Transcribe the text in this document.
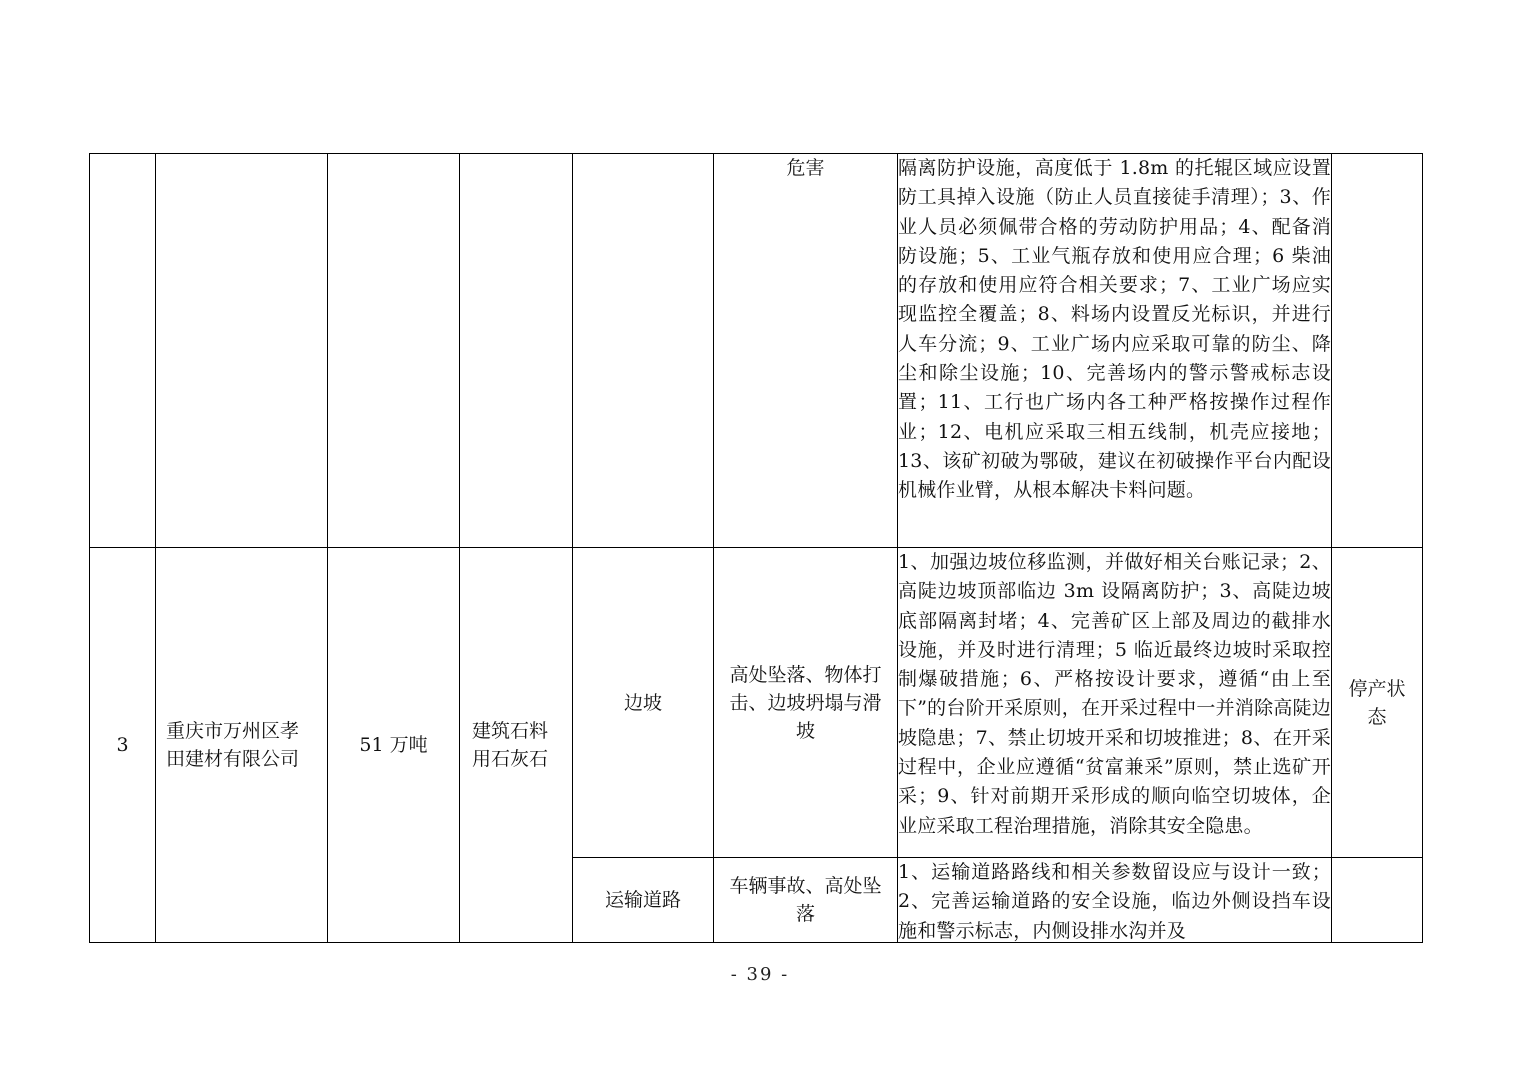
					危害	隔离防护设施，高度低于 1.8m 的托辊区域应设置防工具掉入设施（防止人员直接徒手清理）；3、作业人员必须佩带合格的劳动防护用品；4、配备消防设施；5、工业气瓶存放和使用应合理；6 柴油的存放和使用应符合相关要求；7、工业广场应实现监控全覆盖；8、料场内设置反光标识，并进行人车分流；9、工业广场内应采取可靠的防尘、降尘和除尘设施；10、完善场内的警示警戒标志设置；11、工行也广场内各工种严格按操作过程作业；12、电机应采取三相五线制，机壳应接地；13、该矿初破为鄂破，建议在初破操作平台内配设机械作业臂，从根本解决卡料问题。	
3	重庆市万州区孝田建材有限公司	51 万吨	建筑石料用石灰石	边坡	高处坠落、物体打击、边坡坍塌与滑坡	1、加强边坡位移监测，并做好相关台账记录；2、高陡边坡顶部临边 3m 设隔离防护；3、高陡边坡底部隔离封堵；4、完善矿区上部及周边的截排水设施，并及时进行清理；5 临近最终边坡时采取控制爆破措施；6、严格按设计要求，遵循“由上至下”的台阶开采原则，在开采过程中一并消除高陡边坡隐患；7、禁止切坡开采和切坡推进；8、在开采过程中，企业应遵循“贫富兼采”原则，禁止选矿开采；9、针对前期开采形成的顺向临空切坡体，企业应采取工程治理措施，消除其安全隐患。	停产状态
				运输道路	车辆事故、高处坠落	1、运输道路路线和相关参数留设应与设计一致；2、完善运输道路的安全设施，临边外侧设挡车设施和警示标志，内侧设排水沟并及	

- 39 -
